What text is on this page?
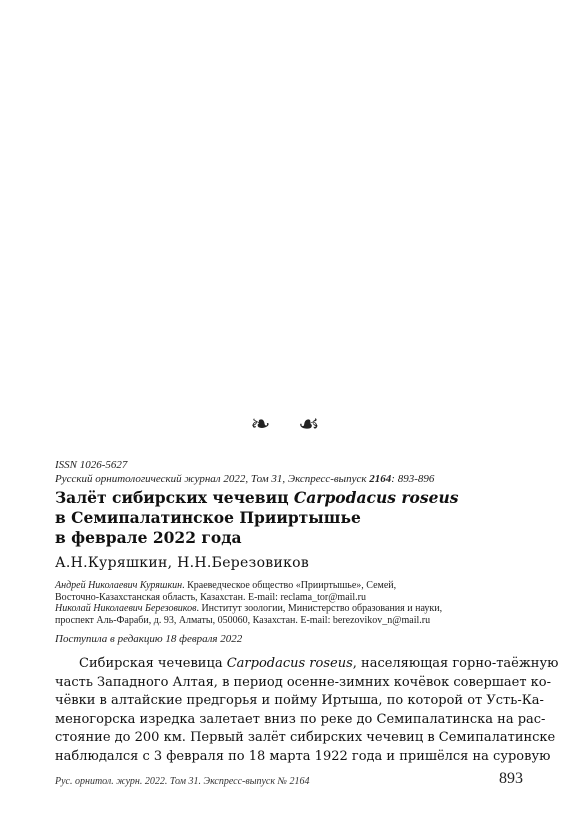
❧ ☙
ISSN 1026-5627
Русский орнитологический журнал 2022, Том 31, Экспресс-выпуск 2164: 893-896
Залёт сибирских чечевиц Carpodacus roseus
в Семипалатинское Прииртышье
в феврале 2022 года
А.Н.Куряшкин, Н.Н.Березовиков
Андрей Николаевич Куряшкин. Краеведческое общество «Прииртышье», Семей,
Восточно-Казахстанская область, Казахстан. E-mail: reclama_tor@mail.ru
Николай Николаевич Березовиков. Институт зоологии, Министерство образования и науки,
проспект Аль-Фараби, д. 93, Алматы, 050060, Казахстан. E-mail: berezovikov_n@mail.ru
Поступила в редакцию 18 февраля 2022
Сибирская чечевица Carpodacus roseus, населяющая горно-таёжную
часть Западного Алтая, в период осенне-зимних кочёвок совершает ко-
чёвки в алтайские предгорья и пойму Иртыша, по которой от Усть-Ка-
меногорска изредка залетает вниз по реке до Семипалатинска на рас-
стояние до 200 км. Первый залёт сибирских чечевиц в Семипалатинске
наблюдался с 3 февраля по 18 марта 1922 года и пришёлся на суровую
Рус. орнитол. журн. 2022. Том 31. Экспресс-выпуск № 2164	893
